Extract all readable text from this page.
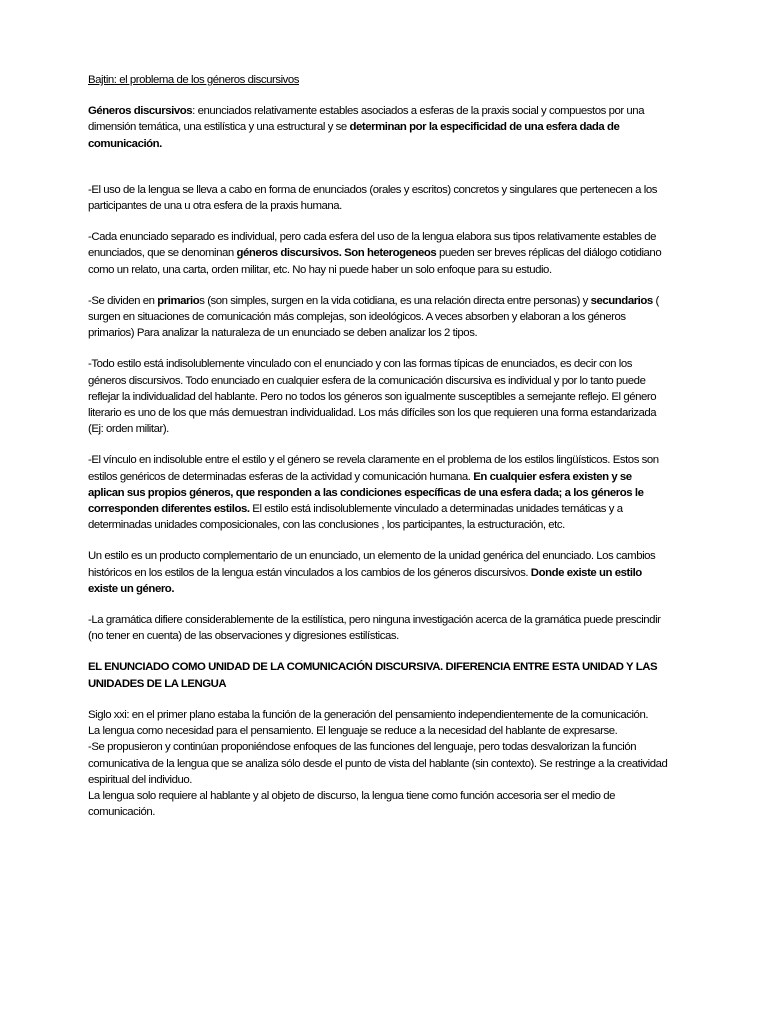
Bajtin: el problema de los géneros discursivos

Géneros discursivos: enunciados relativamente estables asociados a esferas de la praxis social y compuestos por una dimensión temática, una estilística y una estructural y se determinan por la especificidad de una esfera dada de comunicación.

-El uso de la lengua se lleva a cabo en forma de enunciados (orales y escritos) concretos y singulares que pertenecen a los participantes de una u otra esfera de la praxis humana.

-Cada enunciado separado es individual, pero cada esfera del uso de la lengua elabora sus tipos relativamente estables de enunciados, que se denominan géneros discursivos. Son heterogeneos pueden ser breves réplicas del diálogo cotidiano como un relato, una carta, orden militar, etc. No hay ni puede haber un solo enfoque para su estudio.

-Se dividen en primarios (son simples, surgen en la vida cotidiana, es una relación directa entre personas) y secundarios ( surgen en situaciones de comunicación más complejas, son ideológicos. A veces absorben y elaboran a los géneros primarios) Para analizar la naturaleza de un enunciado se deben analizar los 2 tipos.

-Todo estilo está indisolublemente vinculado con el enunciado y con las formas típicas de enunciados, es decir con los géneros discursivos. Todo enunciado en cualquier esfera de la comunicación discursiva es individual y por lo tanto puede reflejar la individualidad del hablante. Pero no todos los géneros son igualmente susceptibles a semejante reflejo. El género literario es uno de los que más demuestran individualidad. Los más difíciles son los que requieren una forma estandarizada (Ej: orden militar).

-El vínculo en indisoluble entre el estilo y el género se revela claramente en el problema de los estilos lingüísticos. Estos son estilos genéricos de determinadas esferas de la actividad y comunicación humana. En cualquier esfera existen y se aplican sus propios géneros, que responden a las condiciones específicas de una esfera dada; a los géneros le corresponden diferentes estilos. El estilo está indisolublemente vinculado a determinadas unidades temáticas y a determinadas unidades composicionales, con las conclusiones , los participantes, la estructuración, etc.

Un estilo es un producto complementario de un enunciado, un elemento de la unidad genérica del enunciado. Los cambios históricos en los estilos de la lengua están vinculados a los cambios de los géneros discursivos. Donde existe un estilo existe un género.

-La gramática difiere considerablemente de la estilística, pero ninguna investigación acerca de la gramática puede prescindir (no tener en cuenta) de las observaciones y digresiones estilísticas.

EL ENUNCIADO COMO UNIDAD DE LA COMUNICACIÓN DISCURSIVA. DIFERENCIA ENTRE ESTA UNIDAD Y LAS UNIDADES DE LA LENGUA

Siglo xxi: en el primer plano estaba la función de la generación del pensamiento independientemente de la comunicación.

La lengua como necesidad para el pensamiento. El lenguaje se reduce a la necesidad del hablante de expresarse.

-Se propusieron y continúan proponiéndose enfoques de las funciones del lenguaje, pero todas desvalorizan la función comunicativa de la lengua que se analiza sólo desde el punto de vista del hablante (sin contexto). Se restringe a la creatividad espiritual del individuo.

La lengua solo requiere al hablante y al objeto de discurso, la lengua tiene como función accesoria ser el medio de comunicación.
